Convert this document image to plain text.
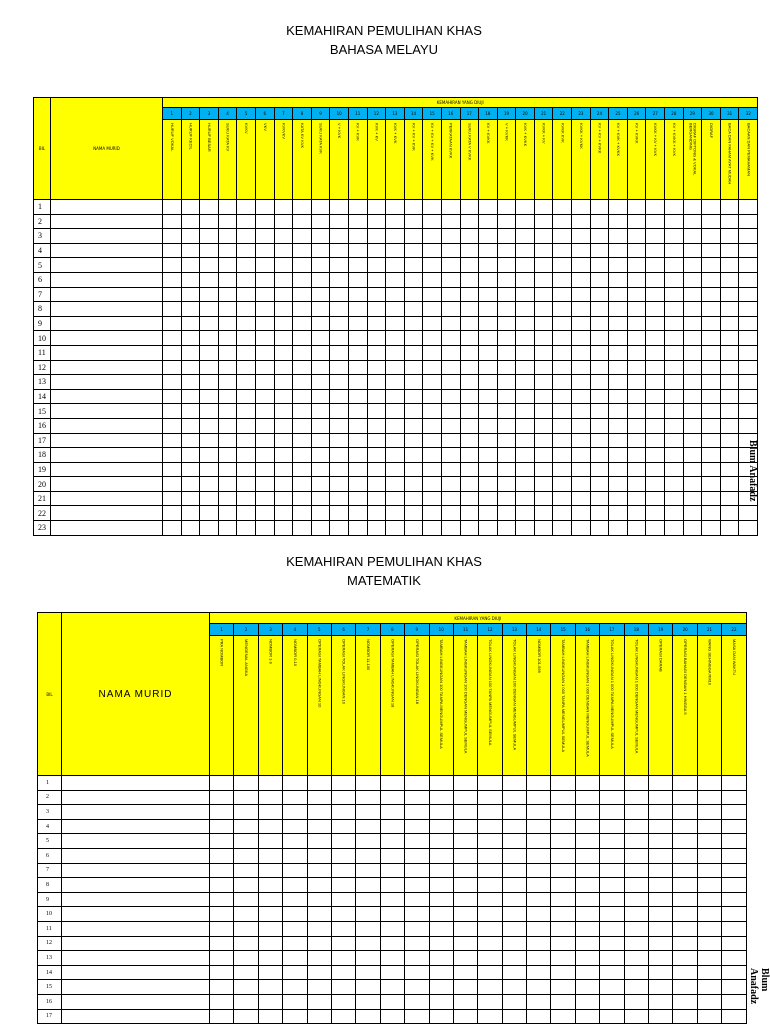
KEMAHIRAN PEMULIHAN KHAS
BAHASA MELAYU
BIL	NAMA MURID	KEMAHIRAN YANG DIUJI																															
		1	2	3	4	5	6	7	8	9	10	11	12	13	14	15	16	17	18	19	20	21	22	23	24	25	26	27	28	29	30	31	32

		HURUF VOKAL	HURUF KECIL	HURUF BESAR	SUKU KATA KV	KVKV	VKV	KVKVKV	KATA KV KVK	SUKU KATA KVK	V + KVK	KV + KVK	KVK + KV	KVK + KVK	KV + KV + KVK	KV + KV + KV + KVK	PERKATAAN KVKK	SUKU KATA V KVKK	KV + KVKK	V + KVKK	KVK + KVKK	KVKK + KV	KVKK KVK	KVKK + KVKK	KV + KV + KVKK	KV + KVK + KVKK	KV + KVKK	KVKK + KV + KVK	KV + KVKK + KVK	DIGRAF DIFTONG & VOKAL BERGANDING	DIGRAF	BACA DAN FAHAM AYAT MUDAH	BACAAN DAN PEMAHAMAN

1																																	
2																																	
3																																	
4																																	
5																																	
6																																	
7																																	
8																																	
9																																	
10																																	
11																																	
12																																	
13																																	
14																																	
15																																	
16																																	
17																																	
18																																	
19																																	
20																																	
21																																	
22																																	
23																																	
Blum Anafadz
KEMAHIRAN PEMULIHAN KHAS
MATEMATIK
BIL	NAMA MURID	KEMAHIRAN YANG DIUJI																					
		1	2	3	4	5	6	7	8	9	10	11	12	13	14	15	16	17	18	19	20	21	22

		PRA NOMBOR	MENGENAL ANGKA	NOMBOR 1-9	NOMBOR 0-10	OPERASI TAMBAH LINGKUNGAN 10	OPERASI TOLAK LINGKUNGAN 10	NOMBOR 11-100	OPERASI TAMBAH LINGKUNGAN 18	OPERASI TOLAK LINGKUNGAN 18	TAMBAH LINGKUNGAN 100 TANPA MENGUMPUL SEMULA	TAMBAH LINGKUNGAN 100 DENGAN MENGUMPUL SEMULA	TOLAK LINGKUNGAN 100 TANPA MENGUMPUL SEMULA	TOLAK LINGKUNGAN 100 DENGAN MENGUMPUL SEMULA	NOMBOR 101-999	TAMBAH LINGKUNGAN 1 000 TANPA MENGUMPUL SEMULA	TAMBAH LINGKUNGAN 1 000 DENGAN MENGUMPUL SEMULA	TOLAK LINGKUNGAN 1 000 TANPA MENGUMPUL SEMULA	TOLAK LINGKUNGAN 1 000 DENGAN MENGUMPUL SEMULA	OPERASI DARAB	OPERASI BAHAGI DENGAN 1 HINGGA 5	WANG SEHINGGA RM10	MASA DAN WAKTU

1																							
2																							
3																							
4																							
5																							
6																							
7																							
8																							
9																							
10																							
11																							
12																							
13																							
14																							
15																							
16																							
17																							
Blum Anafadz
